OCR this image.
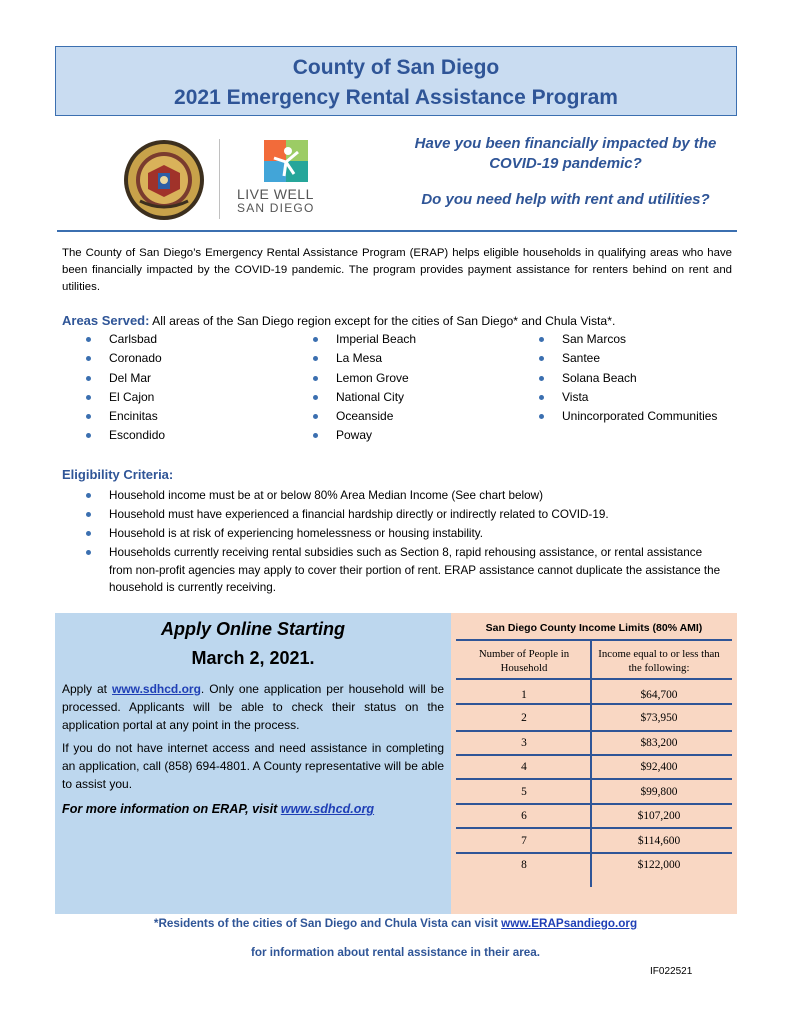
County of San Diego
2021 Emergency Rental Assistance Program
LIVE WELL
SAN DIEGO
Have you been financially impacted by the COVID-19 pandemic?
Do you need help with rent and utilities?
The County of San Diego’s Emergency Rental Assistance Program (ERAP) helps eligible households in qualifying areas who have been financially impacted by the COVID-19 pandemic. The program provides payment assistance for renters behind on rent and utilities.
Areas Served: All areas of the San Diego region except for the cities of San Diego* and Chula Vista*.
Carlsbad
Coronado
Del Mar
El Cajon
Encinitas
Escondido
Imperial Beach
La Mesa
Lemon Grove
National City
Oceanside
Poway
San Marcos
Santee
Solana Beach
Vista
Unincorporated Communities
Eligibility Criteria:
Household income must be at or below 80% Area Median Income (See chart below)
Household must have experienced a financial hardship directly or indirectly related to COVID-19.
Household is at risk of experiencing homelessness or housing instability.
Households currently receiving rental subsidies such as Section 8, rapid rehousing assistance, or rental assistance from non-profit agencies may apply to cover their portion of rent. ERAP assistance cannot duplicate the assistance the household is currently receiving.
Apply Online Starting
March 2, 2021.
Apply at www.sdhcd.org. Only one application per household will be processed. Applicants will be able to check their status on the application portal at any point in the process.
If you do not have internet access and need assistance in completing an application, call (858) 694-4801. A County representative will be able to assist you.
For more information on ERAP, visit www.sdhcd.org
San Diego County Income Limits (80% AMI)
Number of People in Household
Income equal to or less than the following:
1	$64,700
2	$73,950
3	$83,200
4	$92,400
5	$99,800
6	$107,200
7	$114,600
8	$122,000
*Residents of the cities of San Diego and Chula Vista can visit www.ERAPsandiego.org
for information about rental assistance in their area.
IF022521
